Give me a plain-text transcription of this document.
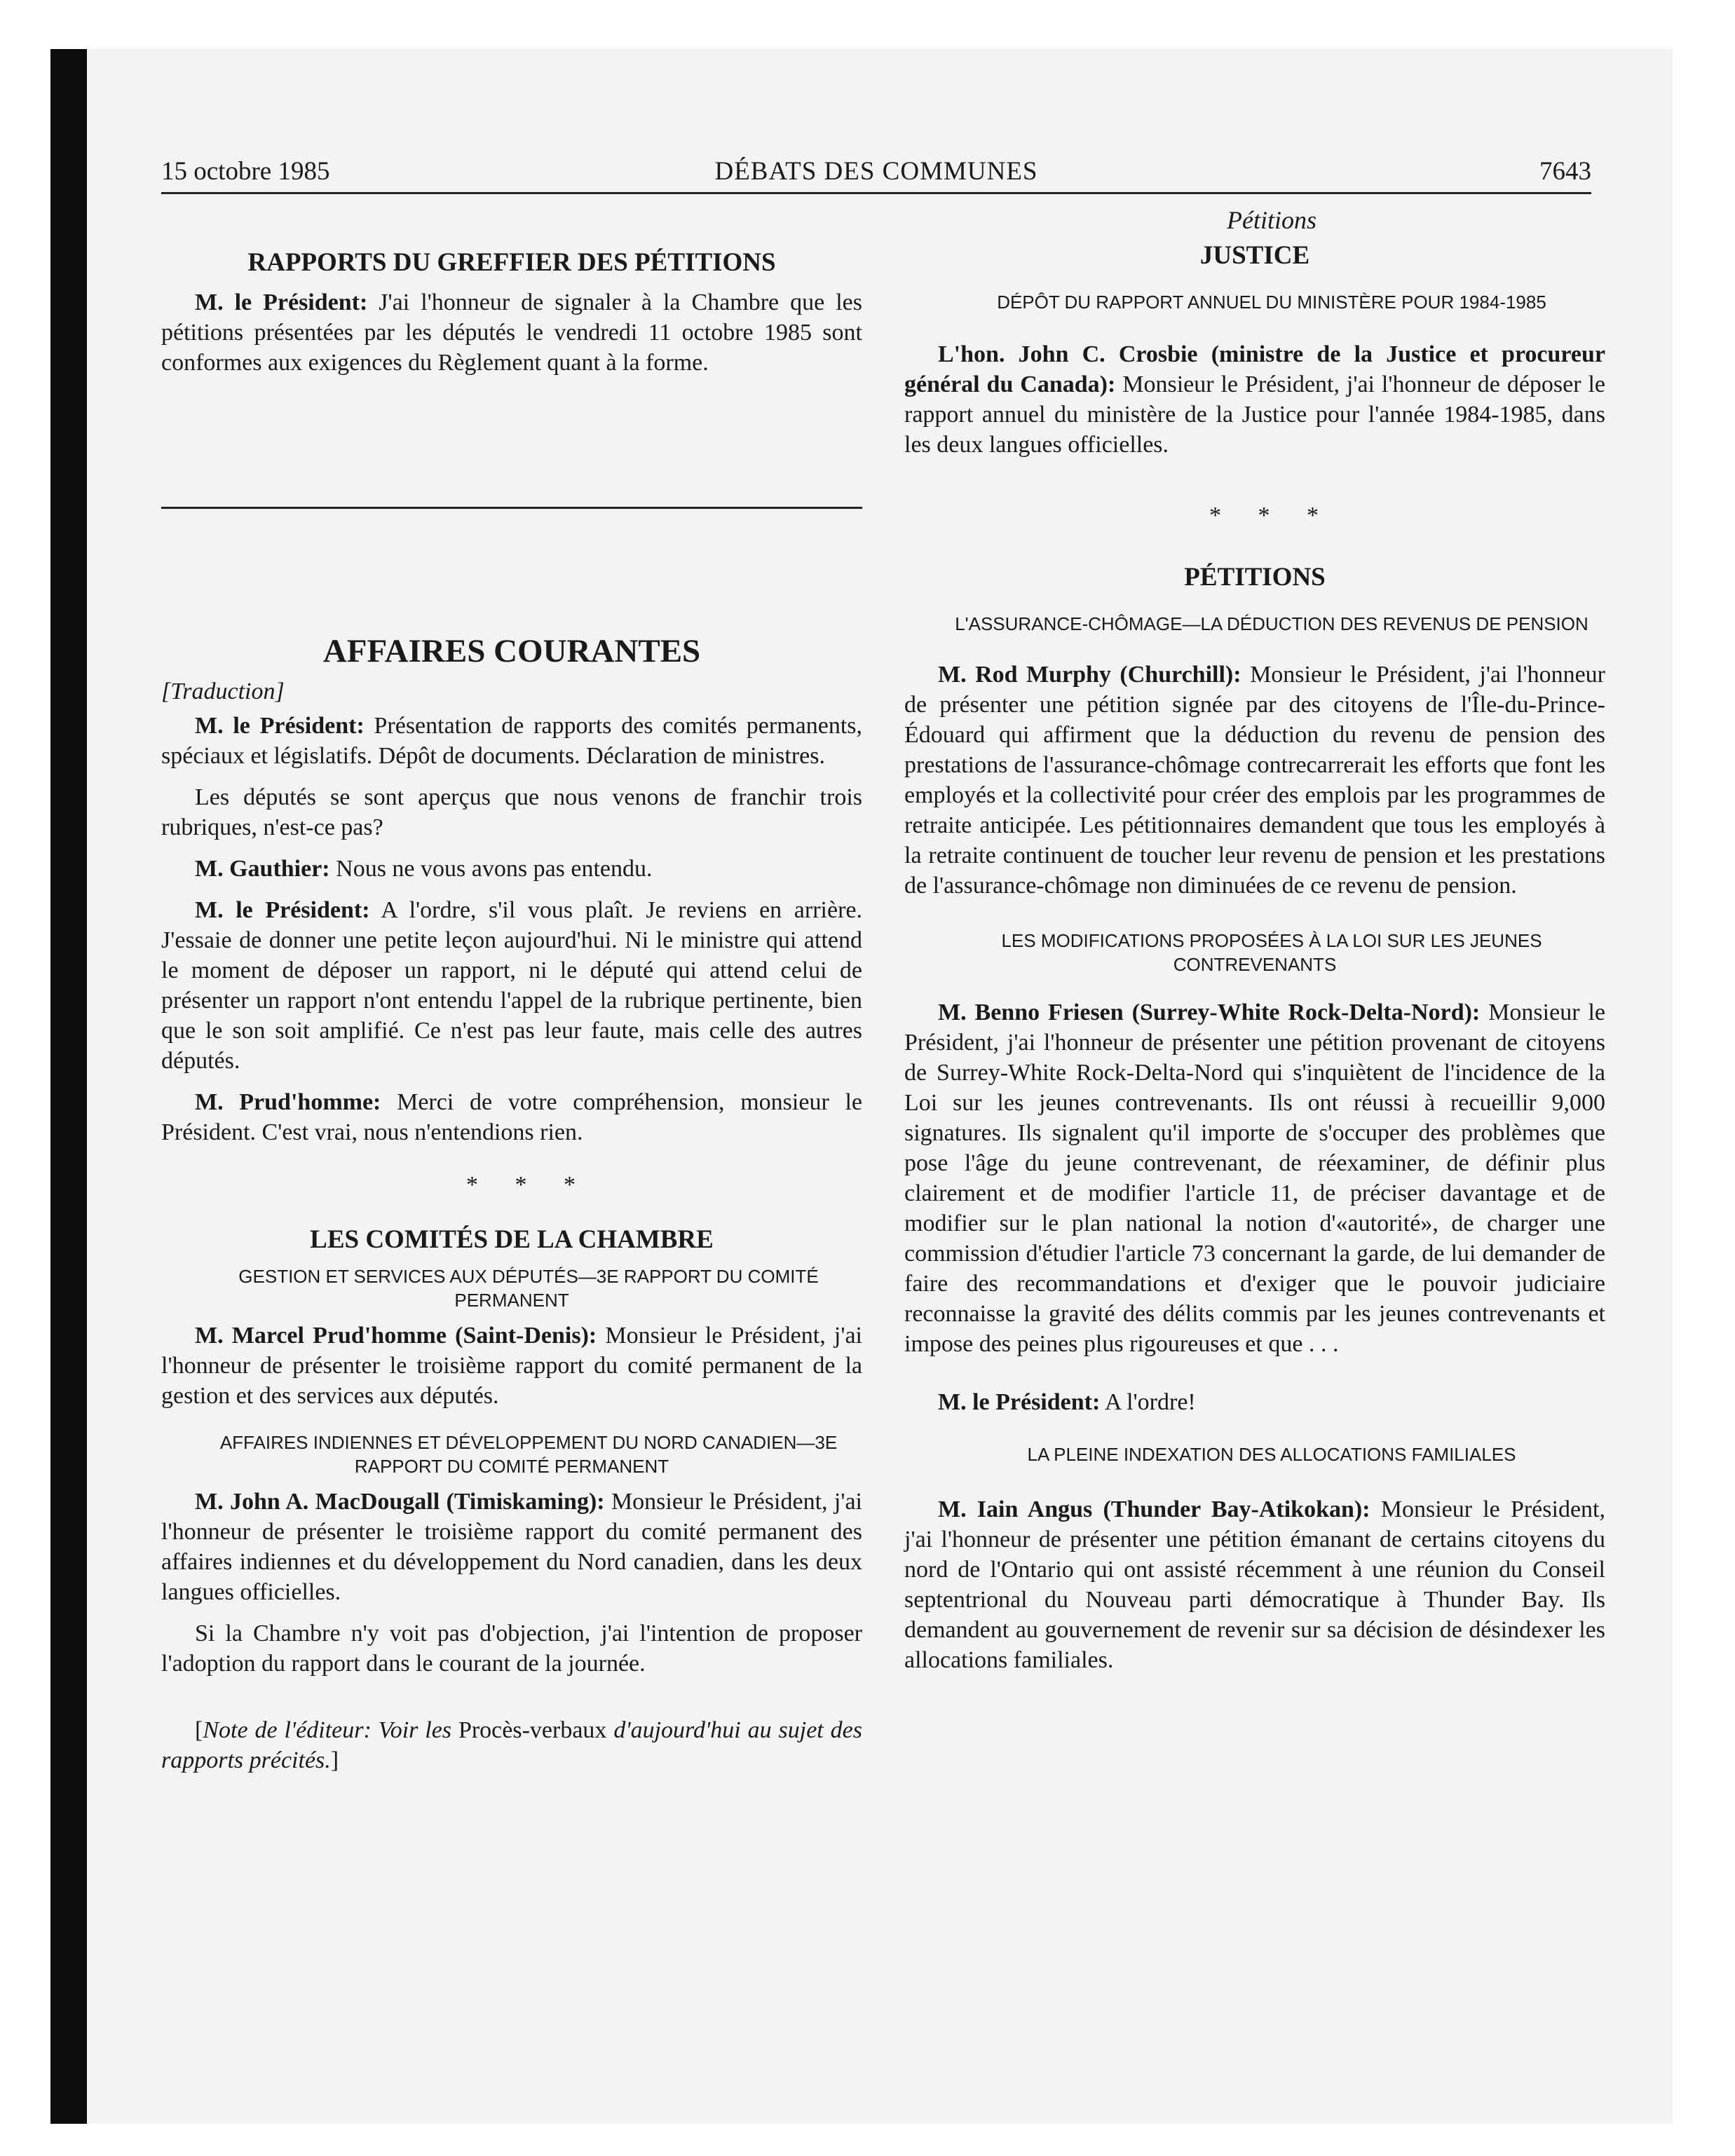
15 octobre 1985	DÉBATS DES COMMUNES	7643
RAPPORTS DU GREFFIER DES PÉTITIONS

M. le Président: J'ai l'honneur de signaler à la Chambre que les pétitions présentées par les députés le vendredi 11 octobre 1985 sont conformes aux exigences du Règlement quant à la forme.

AFFAIRES COURANTES

[Traduction]

M. le Président: Présentation de rapports des comités permanents, spéciaux et législatifs. Dépôt de documents. Déclaration de ministres.

Les députés se sont aperçus que nous venons de franchir trois rubriques, n'est-ce pas?

M. Gauthier: Nous ne vous avons pas entendu.

M. le Président: A l'ordre, s'il vous plaît. Je reviens en arrière. J'essaie de donner une petite leçon aujourd'hui. Ni le ministre qui attend le moment de déposer un rapport, ni le député qui attend celui de présenter un rapport n'ont entendu l'appel de la rubrique pertinente, bien que le son soit amplifié. Ce n'est pas leur faute, mais celle des autres députés.

M. Prud'homme: Merci de votre compréhension, monsieur le Président. C'est vrai, nous n'entendions rien.

* * *

LES COMITÉS DE LA CHAMBRE

GESTION ET SERVICES AUX DÉPUTÉS—3E RAPPORT DU COMITÉ PERMANENT

M. Marcel Prud'homme (Saint-Denis): Monsieur le Président, j'ai l'honneur de présenter le troisième rapport du comité permanent de la gestion et des services aux députés.

AFFAIRES INDIENNES ET DÉVELOPPEMENT DU NORD CANADIEN—3E RAPPORT DU COMITÉ PERMANENT

M. John A. MacDougall (Timiskaming): Monsieur le Président, j'ai l'honneur de présenter le troisième rapport du comité permanent des affaires indiennes et du développement du Nord canadien, dans les deux langues officielles.

Si la Chambre n'y voit pas d'objection, j'ai l'intention de proposer l'adoption du rapport dans le courant de la journée.

[Note de l'éditeur: Voir les Procès-verbaux d'aujourd'hui au sujet des rapports précités.]

Pétitions

JUSTICE

DÉPÔT DU RAPPORT ANNUEL DU MINISTÈRE POUR 1984-1985

L'hon. John C. Crosbie (ministre de la Justice et procureur général du Canada): Monsieur le Président, j'ai l'honneur de déposer le rapport annuel du ministère de la Justice pour l'année 1984-1985, dans les deux langues officielles.

* * *

PÉTITIONS

L'ASSURANCE-CHÔMAGE—LA DÉDUCTION DES REVENUS DE PENSION

M. Rod Murphy (Churchill): Monsieur le Président, j'ai l'honneur de présenter une pétition signée par des citoyens de l'Île-du-Prince-Édouard qui affirment que la déduction du revenu de pension des prestations de l'assurance-chômage contrecarrerait les efforts que font les employés et la collectivité pour créer des emplois par les programmes de retraite anticipée. Les pétitionnaires demandent que tous les employés à la retraite continuent de toucher leur revenu de pension et les prestations de l'assurance-chômage non diminuées de ce revenu de pension.

LES MODIFICATIONS PROPOSÉES À LA LOI SUR LES JEUNES CONTREVENANTS

M. Benno Friesen (Surrey-White Rock-Delta-Nord): Monsieur le Président, j'ai l'honneur de présenter une pétition provenant de citoyens de Surrey-White Rock-Delta-Nord qui s'inquiètent de l'incidence de la Loi sur les jeunes contrevenants. Ils ont réussi à recueillir 9,000 signatures. Ils signalent qu'il importe de s'occuper des problèmes que pose l'âge du jeune contrevenant, de réexaminer, de définir plus clairement et de modifier l'article 11, de préciser davantage et de modifier sur le plan national la notion d'«autorité», de charger une commission d'étudier l'article 73 concernant la garde, de lui demander de faire des recommandations et d'exiger que le pouvoir judiciaire reconnaisse la gravité des délits commis par les jeunes contrevenants et impose des peines plus rigoureuses et que . . .

M. le Président: A l'ordre!

LA PLEINE INDEXATION DES ALLOCATIONS FAMILIALES

M. Iain Angus (Thunder Bay-Atikokan): Monsieur le Président, j'ai l'honneur de présenter une pétition émanant de certains citoyens du nord de l'Ontario qui ont assisté récemment à une réunion du Conseil septentrional du Nouveau parti démocratique à Thunder Bay. Ils demandent au gouvernement de revenir sur sa décision de désindexer les allocations familiales.
